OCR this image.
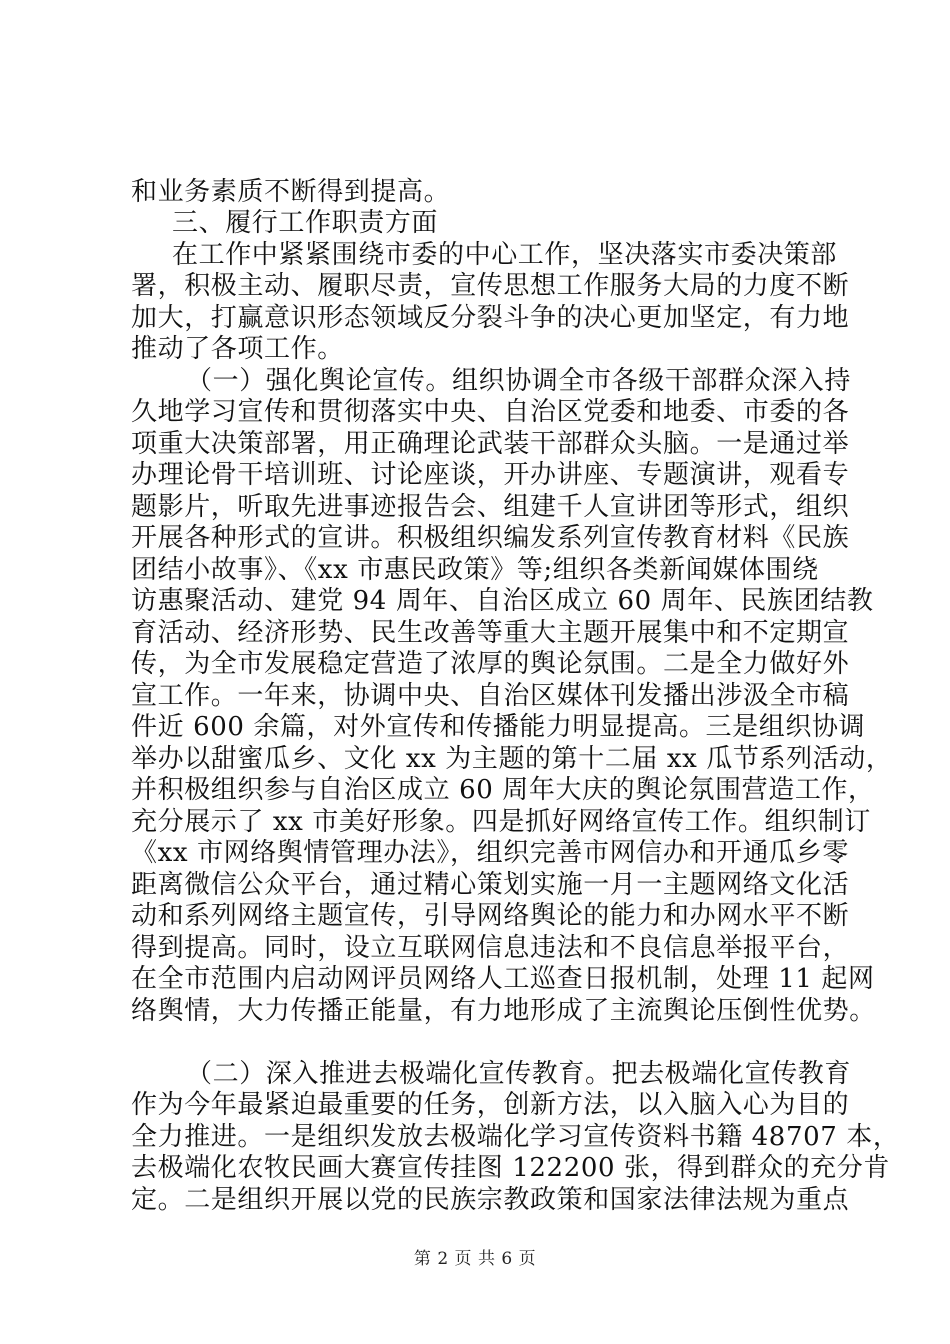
和业务素质不断得到提高。
三、履行工作职责方面
在工作中紧紧围绕市委的中心工作，坚决落实市委决策部
署，积极主动、履职尽责，宣传思想工作服务大局的力度不断
加大，打赢意识形态领域反分裂斗争的决心更加坚定，有力地
推动了各项工作。
（一）强化舆论宣传。组织协调全市各级干部群众深入持
久地学习宣传和贯彻落实中央、自治区党委和地委、市委的各
项重大决策部署，用正确理论武装干部群众头脑。一是通过举
办理论骨干培训班、讨论座谈，开办讲座、专题演讲，观看专
题影片，听取先进事迹报告会、组建千人宣讲团等形式，组织
开展各种形式的宣讲。积极组织编发系列宣传教育材料《民族
团结小故事》、《xx 市惠民政策》等;组织各类新闻媒体围绕
访惠聚活动、建党 94 周年、自治区成立 60 周年、民族团结教
育活动、经济形势、民生改善等重大主题开展集中和不定期宣
传，为全市发展稳定营造了浓厚的舆论氛围。二是全力做好外
宣工作。一年来，协调中央、自治区媒体刊发播出涉汲全市稿
件近 600 余篇，对外宣传和传播能力明显提高。三是组织协调
举办以甜蜜瓜乡、文化 xx 为主题的第十二届 xx 瓜节系列活动，
并积极组织参与自治区成立 60 周年大庆的舆论氛围营造工作，
充分展示了 xx 市美好形象。四是抓好网络宣传工作。组织制订
《xx 市网络舆情管理办法》，组织完善市网信办和开通瓜乡零
距离微信公众平台，通过精心策划实施一月一主题网络文化活
动和系列网络主题宣传，引导网络舆论的能力和办网水平不断
得到提高。同时，设立互联网信息违法和不良信息举报平台，
在全市范围内启动网评员网络人工巡查日报机制，处理 11 起网
络舆情，大力传播正能量，有力地形成了主流舆论压倒性优势。
（二）深入推进去极端化宣传教育。把去极端化宣传教育
作为今年最紧迫最重要的任务，创新方法，以入脑入心为目的
全力推进。一是组织发放去极端化学习宣传资料书籍 48707 本，
去极端化农牧民画大赛宣传挂图 122200 张，得到群众的充分肯
定。二是组织开展以党的民族宗教政策和国家法律法规为重点
第 2 页 共 6 页
